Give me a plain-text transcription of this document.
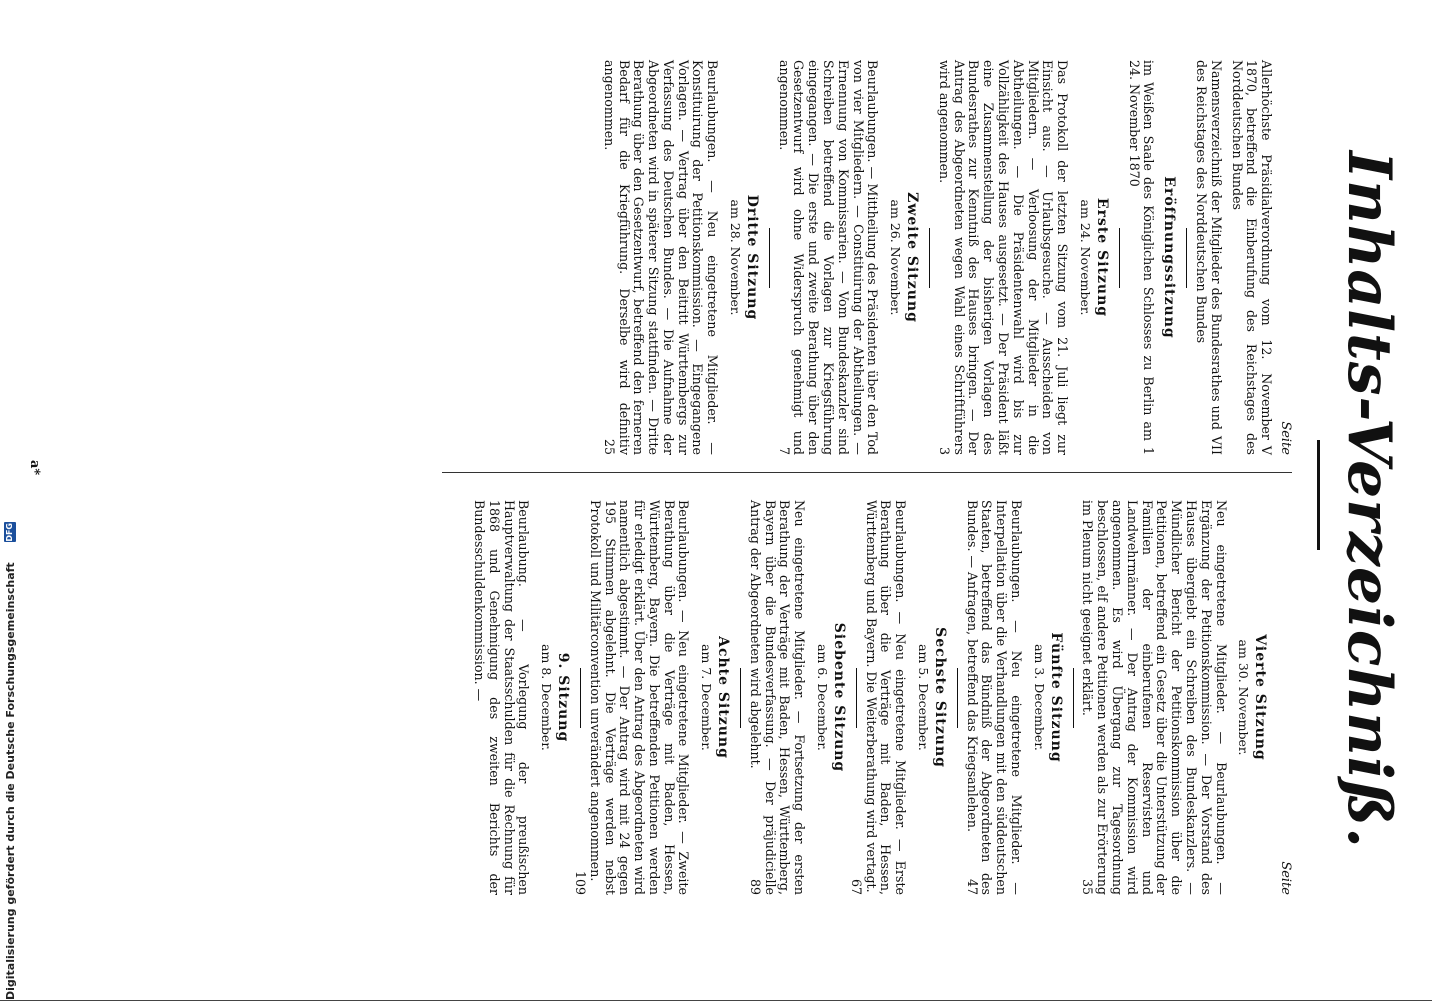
Inhalts-Verzeichniß.
Seite
V

Allerhöchste Präsidialverordnung vom 12. November 1870, betreffend die Einberufung des Reichstages des Norddeutschen Bundes

VII

Namensverzeichniß der Mitglieder des Bundesrathes und des Reichstages des Norddeutschen Bundes

Eröffnungssitzung
1

im Weißen Saale des Königlichen Schlosses zu Berlin am 24. November 1870

Erste Sitzung
am 24. November.

Das Protokoll der letzten Sitzung vom 21. Juli liegt zur Einsicht aus. — Urlaubsgesuche. — Ausscheiden von Mitgliedern. — Verloosung der Mitglieder in die Abtheilungen. — Die Präsidentenwahl wird bis zur Vollzähligkeit des Hauses ausgesetzt. — Der Präsident läßt eine Zusammenstellung der bisherigen Vorlagen des Bundesrathes zur Kenntniß des Hauses bringen. — Der Antrag des Abgeordneten wegen Wahl eines Schriftführers wird angenommen.
3

Zweite Sitzung
am 26. November.

Beurlaubungen. — Mittheilung des Präsidenten über den Tod von vier Mitgliedern. — Constituirung der Abtheilungen. — Ernennung von Kommissarien. — Vom Bundeskanzler sind Schreiben betreffend die Vorlagen zur Kriegsführung eingegangen. — Die erste und zweite Berathung über den Gesetzentwurf wird ohne Widerspruch genehmigt und angenommen.
7

Dritte Sitzung
am 28. November.

Beurlaubungen. — Neu eingetretene Mitglieder. — Konstituirung der Petitionskommission. — Eingegangene Vorlagen. — Vertrag über den Beitritt Württembergs zur Verfassung des Deutschen Bundes. — Die Aufnahme der Abgeordneten wird in späterer Sitzung stattfinden. — Dritte Berathung über den Gesetzentwurf, betreffend den ferneren Bedarf für die Kriegführung. Derselbe wird definitiv angenommen.
25

Seite
Vierte Sitzung
am 30. November.

Neu eingetretene Mitglieder. — Beurlaubungen. — Ergänzung der Petitionskommission. — Der Vorstand des Hauses übergiebt ein Schreiben des Bundeskanzlers. — Mündlicher Bericht der Petitionskommission über die Petitionen, betreffend ein Gesetz über die Unterstützung der Familien der einberufenen Reservisten und Landwehrmänner. — Der Antrag der Kommission wird angenommen. Es wird Übergang zur Tagesordnung beschlossen, elf andere Petitionen werden als zur Erörterung im Plenum nicht geeignet erklärt.
35

Fünfte Sitzung
am 3. December.

Beurlaubungen. — Neu eingetretene Mitglieder. — Interpellation über die Verhandlungen mit den süddeutschen Staaten, betreffend das Bündniß der Abgeordneten des Bundes. — Anfragen, betreffend das Kriegsanlehen.
47

Sechste Sitzung
am 5. December.

Beurlaubungen. — Neu eingetretene Mitglieder. — Erste Berathung über die Verträge mit Baden, Hessen, Württemberg und Bayern. Die Weiterberathung wird vertagt.
67

Siebente Sitzung
am 6. December.

Neu eingetretene Mitglieder. — Fortsetzung der ersten Berathung der Verträge mit Baden, Hessen, Württemberg, Bayern über die Bundesverfassung. — Der präjudicielle Antrag der Abgeordneten wird abgelehnt.
89

Achte Sitzung
am 7. December.

Beurlaubungen. — Neu eingetretene Mitglieder. — Zweite Berathung über die Verträge mit Baden, Hessen, Württemberg, Bayern. Die betreffenden Petitionen werden für erledigt erklärt. Über den Antrag des Abgeordneten wird namentlich abgestimmt. — Der Antrag wird mit 24 gegen 195 Stimmen abgelehnt. Die Verträge werden nebst Protokoll und Militärconvention unverändert angenommen.
109

9. Sitzung
am 8. December.

Beurlaubung. — Vorlegung der preußischen Hauptverwaltung der Staatsschulden für die Rechnung für 1868 und Genehmigung des zweiten Berichts der Bundesschuldenkommission. —

a*
Digitalisierung gefördert durch die Deutsche Forschungsgemeinschaft
DFG
